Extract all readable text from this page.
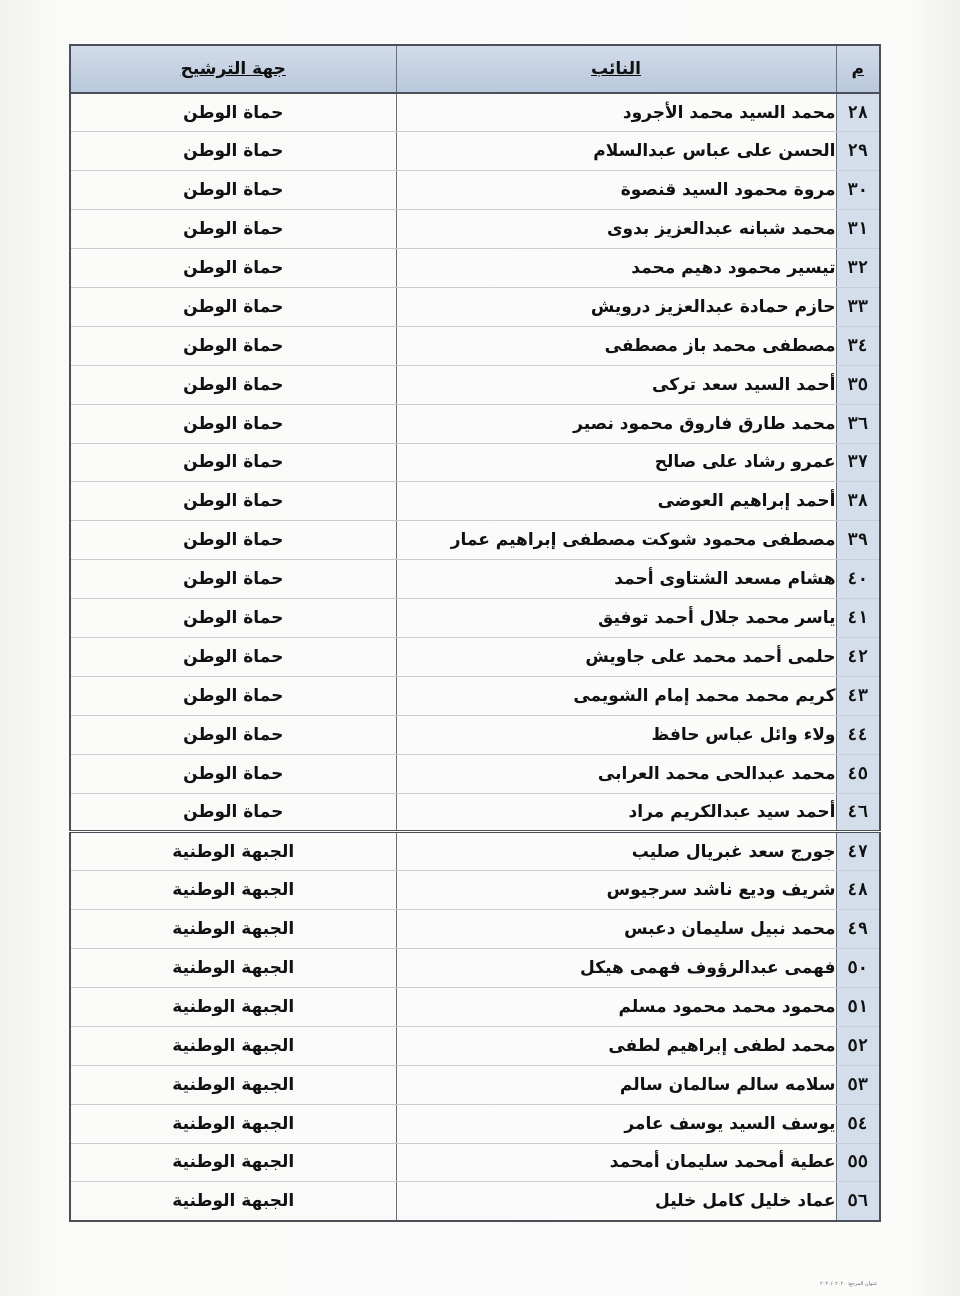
م	النائب	جهة الترشيح
٢٨	محمد السيد محمد الأجرود	حماة الوطن
٢٩	الحسن على عباس عبدالسلام	حماة الوطن
٣٠	مروة محمود السيد قنصوة	حماة الوطن
٣١	محمد شبانه عبدالعزيز بدوى	حماة الوطن
٣٢	تيسير محمود دهيم محمد	حماة الوطن
٣٣	حازم حمادة عبدالعزيز درويش	حماة الوطن
٣٤	مصطفى محمد باز مصطفى	حماة الوطن
٣٥	أحمد السيد سعد تركى	حماة الوطن
٣٦	محمد طارق فاروق محمود نصير	حماة الوطن
٣٧	عمرو رشاد على صالح	حماة الوطن
٣٨	أحمد إبراهيم العوضى	حماة الوطن
٣٩	مصطفى محمود شوكت مصطفى إبراهيم عمار	حماة الوطن
٤٠	هشام مسعد الشتاوى أحمد	حماة الوطن
٤١	ياسر محمد جلال أحمد توفيق	حماة الوطن
٤٢	حلمى أحمد محمد على جاويش	حماة الوطن
٤٣	كريم محمد محمد إمام الشويمى	حماة الوطن
٤٤	ولاء وائل عباس حافظ	حماة الوطن
٤٥	محمد عبدالحى محمد العرابى	حماة الوطن
٤٦	أحمد سيد عبدالكريم مراد	حماة الوطن
٤٧	جورج سعد غبريال صليب	الجبهة الوطنية
٤٨	شريف وديع ناشد سرجيوس	الجبهة الوطنية
٤٩	محمد نبيل سليمان دعبس	الجبهة الوطنية
٥٠	فهمى عبدالرؤوف فهمى هيكل	الجبهة الوطنية
٥١	محمود محمد محمود مسلم	الجبهة الوطنية
٥٢	محمد لطفى إبراهيم لطفى	الجبهة الوطنية
٥٣	سلامه سالم سالمان سالم	الجبهة الوطنية
٥٤	يوسف السيد يوسف عامر	الجبهة الوطنية
٥٥	عطية أمحمد سليمان أمحمد	الجبهة الوطنية
٥٦	عماد خليل كامل خليل	الجبهة الوطنية
عنوان المرجع: ٢٠٢٠/٠٢٠٢٠
